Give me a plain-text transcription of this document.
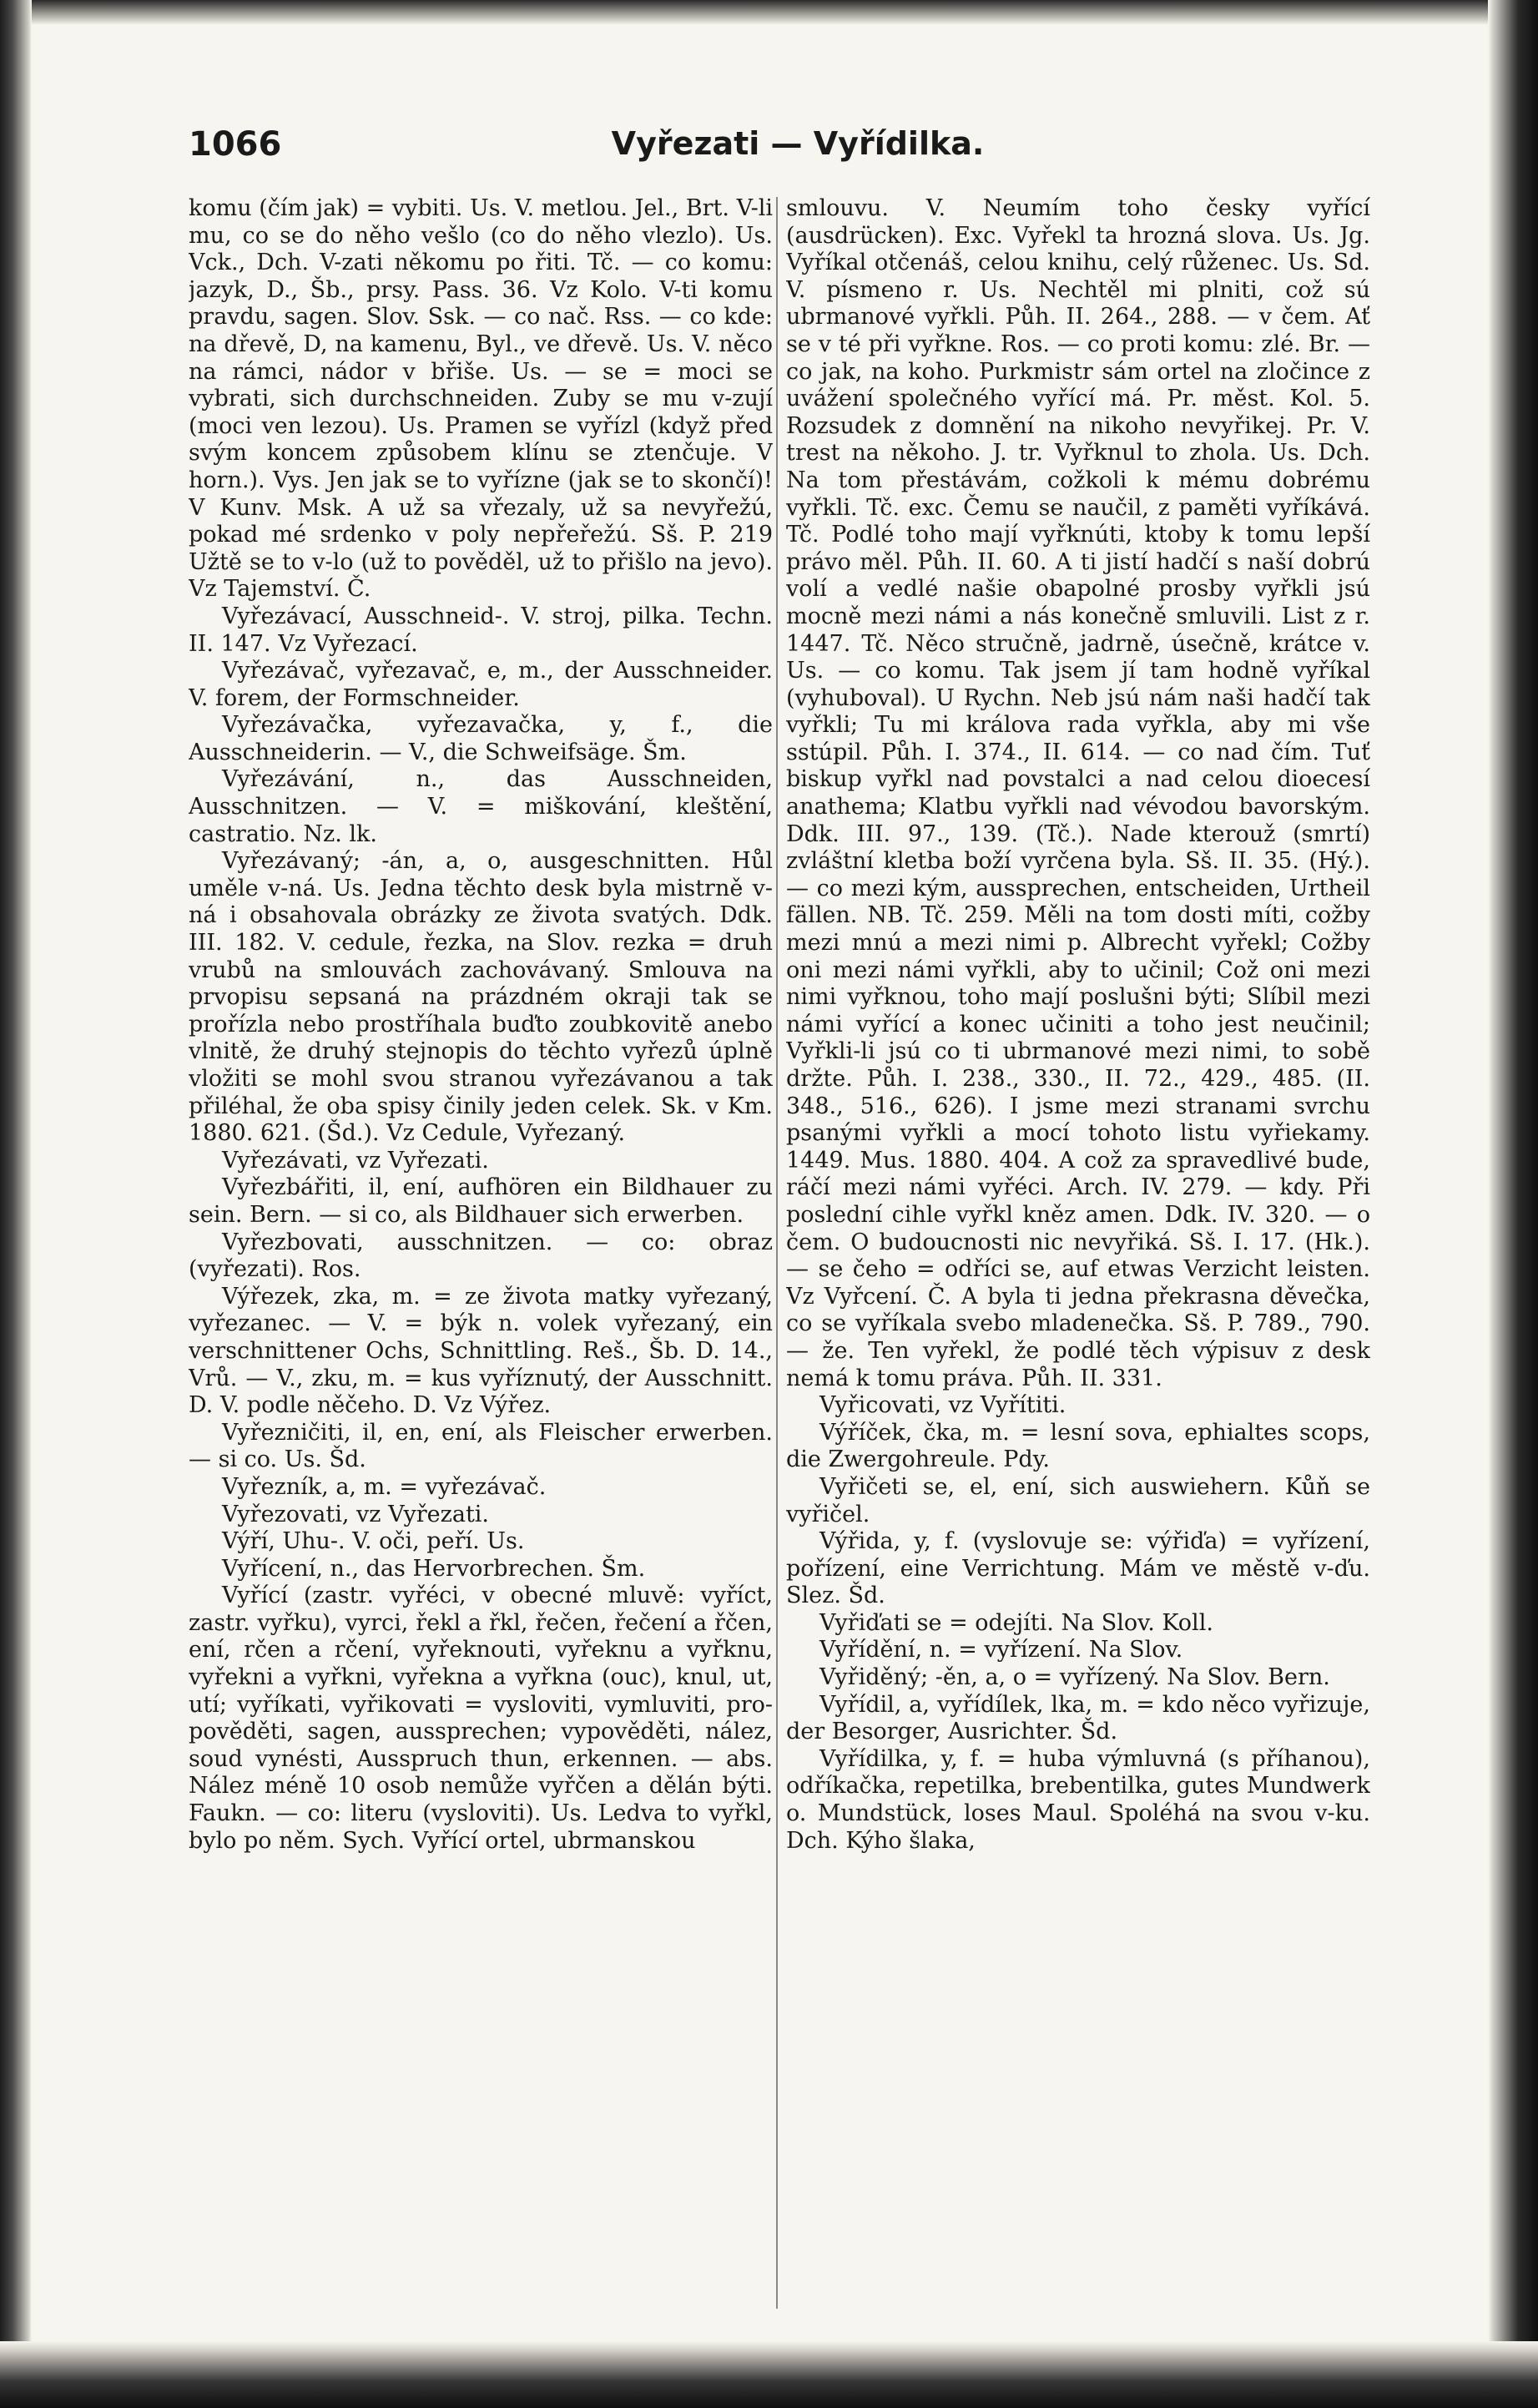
1066	Vyřezati — Vyřídilka.

komu (čím jak) = vybiti. Us. V. metlou. Jel., Brt. V-li mu, co se do něho vešlo (co do něho vlezlo). Us. Vck., Dch. V-zati někomu po řiti. Tč. — co komu: jazyk, D., Šb., prsy. Pass. 36. Vz Kolo. V-ti komu pravdu, sagen. Slov. Ssk. — co nač. Rss. — co kde: na dřevě, D, na kamenu, Byl., ve dřevě. Us. V. něco na rámci, nádor v břiše. Us. — se = moci se vybrati, sich durchschneiden. Zuby se mu v-zují (moci ven lezou). Us. Pramen se vyřízl (když před svým koncem způsobem klínu se ztenčuje. V horn.). Vys. Jen jak se to vyřízne (jak se to skončí)! V Kunv. Msk. A už sa vřezaly, už sa nevyřežú, pokad mé srdenko v poly nepřeřežú. Sš. P. 219 Užtě se to v-lo (už to pověděl, už to přišlo na jevo). Vz Tajemství. Č.

Vyřezávací, Ausschneid-. V. stroj, pilka. Techn. II. 147. Vz Vyřezací.

Vyřezávač, vyřezavač, e, m., der Ausschneider. V. forem, der Formschneider.

Vyřezávačka, vyřezavačka, y, f., die Ausschneiderin. — V., die Schweifsäge. Šm.

Vyřezávání, n., das Ausschneiden, Ausschnitzen. — V. = miškování, kleštění, castratio. Nz. lk.

Vyřezávaný; -án, a, o, ausgeschnitten. Hůl uměle v-ná. Us. Jedna těchto desk byla mistrně v-ná i obsahovala obrázky ze života svatých. Ddk. III. 182. V. cedule, řezka, na Slov. rezka = druh vrubů na smlouvách zachovávaný. Smlouva na prvopisu sepsaná na prázdném okraji tak se prořízla nebo prostříhala buďto zoubkovitě anebo vlnitě, že druhý stejnopis do těchto vyřezů úplně vložiti se mohl svou stranou vyřezávanou a tak přiléhal, že oba spisy činily jeden celek. Sk. v Km. 1880. 621. (Šd.). Vz Cedule, Vyřezaný.

Vyřezávati, vz Vyřezati.

Vyřezbářiti, il, ení, aufhören ein Bildhauer zu sein. Bern. — si co, als Bildhauer sich erwerben.

Vyřezbovati, ausschnitzen. — co: obraz (vyřezati). Ros.

Výřezek, zka, m. = ze života matky vyřezaný, vyřezanec. — V. = býk n. volek vyřezaný, ein verschnittener Ochs, Schnittling. Reš., Šb. D. 14., Vrů. — V., zku, m. = kus vyříznutý, der Ausschnitt. D. V. podle něčeho. D. Vz Výřez.

Vyřezničiti, il, en, ení, als Fleischer erwerben. — si co. Us. Šd.

Vyřezník, a, m. = vyřezávač.

Vyřezovati, vz Vyřezati.

Výří, Uhu-. V. oči, peří. Us.

Vyřícení, n., das Hervorbrechen. Šm.

Vyřící (zastr. vyřéci, v obecné mluvě: vyříct, zastr. vyřku), vyrci, řekl a řkl, řečen, řečení a řčen, ení, rčen a rčení, vyřeknouti, vyřeknu a vyřknu, vyřekni a vyřkni, vyřekna a vyřkna (ouc), knul, ut, utí; vyříkati, vyřikovati = vysloviti, vymluviti, pro-pověděti, sagen, aussprechen; vypověděti, nález, soud vynésti, Ausspruch thun, erkennen. — abs. Nález méně 10 osob nemůže vyřčen a dělán býti. Faukn. — co: literu (vysloviti). Us. Ledva to vyřkl, bylo po něm. Sych. Vyřící ortel, ubrmanskou

smlouvu. V. Neumím toho česky vyřící (ausdrücken). Exc. Vyřekl ta hrozná slova. Us. Jg. Vyříkal otčenáš, celou knihu, celý růženec. Us. Sd. V. písmeno r. Us. Nechtěl mi plniti, což sú ubrmanové vyřkli. Půh. II. 264., 288. — v čem. Ať se v té při vyřkne. Ros. — co proti komu: zlé. Br. — co jak, na koho. Purkmistr sám ortel na zločince z uvážení společného vyřící má. Pr. měst. Kol. 5. Rozsudek z domnění na nikoho nevyřikej. Pr. V. trest na někoho. J. tr. Vyřknul to zhola. Us. Dch. Na tom přestávám, cožkoli k mému dobrému vyřkli. Tč. exc. Čemu se naučil, z paměti vyříkává. Tč. Podlé toho mají vyřknúti, ktoby k tomu lepší právo měl. Půh. II. 60. A ti jistí hadčí s naší dobrú volí a vedlé našie obapolné prosby vyřkli jsú mocně mezi námi a nás konečně smluvili. List z r. 1447. Tč. Něco stručně, jadrně, úsečně, krátce v. Us. — co komu. Tak jsem jí tam hodně vyříkal (vyhuboval). U Rychn. Neb jsú nám naši hadčí tak vyřkli; Tu mi králova rada vyřkla, aby mi vše sstúpil. Půh. I. 374., II. 614. — co nad čím. Tuť biskup vyřkl nad povstalci a nad celou dioecesí anathema; Klatbu vyřkli nad vévodou bavorským. Ddk. III. 97., 139. (Tč.). Nade kterouž (smrtí) zvláštní kletba boží vyrčena byla. Sš. II. 35. (Hý.). — co mezi kým, aussprechen, entscheiden, Urtheil fällen. NB. Tč. 259. Měli na tom dosti míti, cožby mezi mnú a mezi nimi p. Albrecht vyřekl; Cožby oni mezi námi vyřkli, aby to učinil; Což oni mezi nimi vyřknou, toho mají poslušni býti; Slíbil mezi námi vyřící a konec učiniti a toho jest neučinil; Vyřkli-li jsú co ti ubrmanové mezi nimi, to sobě držte. Půh. I. 238., 330., II. 72., 429., 485. (II. 348., 516., 626). I jsme mezi stranami svrchu psanými vyřkli a mocí tohoto listu vyřiekamy. 1449. Mus. 1880. 404. A což za spravedlivé bude, ráčí mezi námi vyřéci. Arch. IV. 279. — kdy. Při poslední cihle vyřkl kněz amen. Ddk. IV. 320. — o čem. O budoucnosti nic nevyřiká. Sš. I. 17. (Hk.). — se čeho = odříci se, auf etwas Verzicht leisten. Vz Vyřcení. Č. A byla ti jedna překrasna děvečka, co se vyříkala svebo mladenečka. Sš. P. 789., 790. — že. Ten vyřekl, že podlé těch výpisuv z desk nemá k tomu práva. Půh. II. 331.

Vyřicovati, vz Vyřítiti.

Výříček, čka, m. = lesní sova, ephialtes scops, die Zwergohreule. Pdy.

Vyřičeti se, el, ení, sich auswiehern. Kůň se vyřičel.

Výřida, y, f. (vyslovuje se: výřiďa) = vyřízení, pořízení, eine Verrichtung. Mám ve městě v-ďu. Slez. Šd.

Vyřiďati se = odejíti. Na Slov. Koll.

Vyřídění, n. = vyřízení. Na Slov.

Vyřiděný; -ěn, a, o = vyřízený. Na Slov. Bern.

Vyřídil, a, vyřídílek, lka, m. = kdo něco vyřizuje, der Besorger, Ausrichter. Šd.

Vyřídilka, y, f. = huba výmluvná (s příhanou), odříkačka, repetilka, brebentilka, gutes Mundwerk o. Mundstück, loses Maul. Spoléhá na svou v-ku. Dch. Kýho šlaka,
